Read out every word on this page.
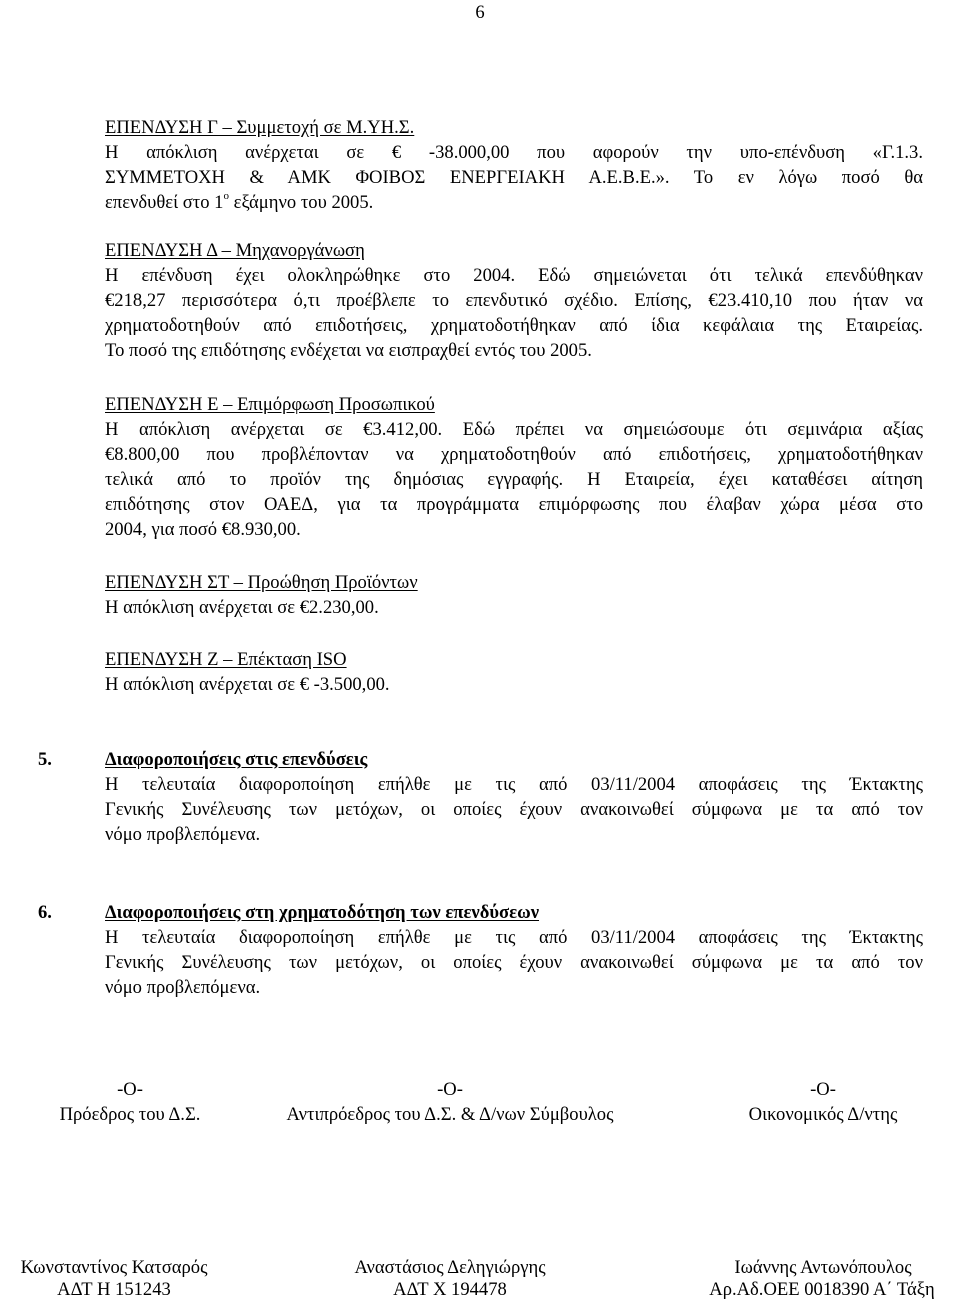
6
ΕΠΕΝΔΥΣΗ Γ – Συμμετοχή σε Μ.ΥΗ.Σ.
Η απόκλιση ανέρχεται σε € -38.000,00 που αφορούν την υπο-επένδυση «Γ.1.3.
ΣΥΜΜΕΤΟΧΗ & ΑΜΚ ΦΟΙΒΟΣ ΕΝΕΡΓΕΙΑΚΗ Α.Ε.Β.Ε.». Το εν λόγω ποσό θα
επενδυθεί στο $1^o$ εξάμηνο του 2005.
ΕΠΕΝΔΥΣΗ Δ – Μηχανοργάνωση
Η επένδυση έχει ολοκληρώθηκε στο 2004. Εδώ σημειώνεται ότι τελικά επενδύθηκαν
€218,27 περισσότερα ό,τι προέβλεπε το επενδυτικό σχέδιο. Επίσης, €23.410,10 που ήταν να
χρηματοδοτηθούν από επιδοτήσεις, χρηματοδοτήθηκαν από ίδια κεφάλαια της Εταιρείας.
Το ποσό της επιδότησης ενδέχεται να εισπραχθεί εντός του 2005.
ΕΠΕΝΔΥΣΗ Ε – Επιμόρφωση Προσωπικού
Η απόκλιση ανέρχεται σε €3.412,00. Εδώ πρέπει να σημειώσουμε ότι σεμινάρια αξίας
€8.800,00 που προβλέπονταν να χρηματοδοτηθούν από επιδοτήσεις, χρηματοδοτήθηκαν
τελικά από το προϊόν της δημόσιας εγγραφής. Η Εταιρεία, έχει καταθέσει αίτηση
επιδότησης στον ΟΑΕΔ, για τα προγράμματα επιμόρφωσης που έλαβαν χώρα μέσα στο
2004, για ποσό €8.930,00.
ΕΠΕΝΔΥΣΗ ΣΤ – Προώθηση Προϊόντων
Η απόκλιση ανέρχεται σε €2.230,00.
ΕΠΕΝΔΥΣΗ Ζ – Επέκταση ISO
Η απόκλιση ανέρχεται σε € -3.500,00.
5.	Διαφοροποιήσεις στις επενδύσεις
Η τελευταία διαφοροποίηση επήλθε με τις από 03/11/2004 αποφάσεις της Έκτακτης
Γενικής Συνέλευσης των μετόχων, οι οποίες έχουν ανακοινωθεί σύμφωνα με τα από τον
νόμο προβλεπόμενα.
6.	Διαφοροποιήσεις στη χρηματοδότηση των επενδύσεων
Η τελευταία διαφοροποίηση επήλθε με τις από 03/11/2004 αποφάσεις της Έκτακτης
Γενικής Συνέλευσης των μετόχων, οι οποίες έχουν ανακοινωθεί σύμφωνα με τα από τον
νόμο προβλεπόμενα.
-Ο-	-Ο-	-Ο-
Πρόεδρος του Δ.Σ.	Αντιπρόεδρος του Δ.Σ. & Δ/νων Σύμβουλος	Οικονομικός Δ/ντης
Κωνσταντίνος Κατσαρός	Αναστάσιος Δεληγιώργης	Ιωάννης Αντωνόπουλος
ΑΔΤ Η 151243	ΑΔΤ Χ 194478	Αρ.Αδ.ΟΕΕ 0018390 Α΄ Τάξη
